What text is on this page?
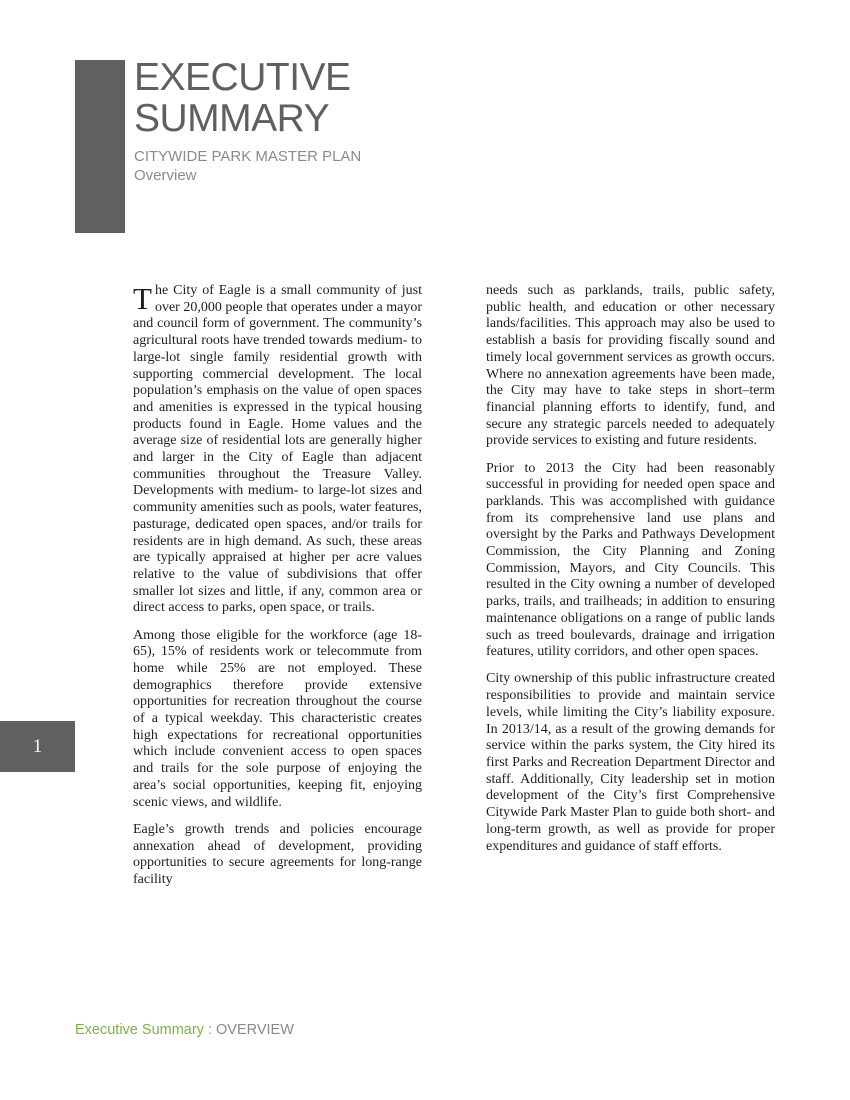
EXECUTIVE
SUMMARY
CITYWIDE PARK MASTER PLAN
Overview

The City of Eagle is a small community of just over 20,000 people that operates under a mayor and council form of government. The community’s agricultural roots have trended towards medium- to large-lot single family residential growth with supporting commercial development. The local population’s emphasis on the value of open spaces and amenities is expressed in the typical housing products found in Eagle. Home values and the average size of residential lots are generally higher and larger in the City of Eagle than adjacent communities throughout the Treasure Valley. Developments with medium- to large-lot sizes and community amenities such as pools, water features, pasturage, dedicated open spaces, and/or trails for residents are in high demand. As such, these areas are typically appraised at higher per acre values relative to the value of subdivisions that offer smaller lot sizes and little, if any, common area or direct access to parks, open space, or trails.

Among those eligible for the workforce (age 18-65), 15% of residents work or telecommute from home while 25% are not employed. These demographics therefore provide extensive opportunities for recreation throughout the course of a typical weekday. This characteristic creates high expectations for recreational opportunities which include convenient access to open spaces and trails for the sole purpose of enjoying the area’s social opportunities, keeping fit, enjoying scenic views, and wildlife.

Eagle’s growth trends and policies encourage annexation ahead of development, providing opportunities to secure agreements for long-range facility

needs such as parklands, trails, public safety, public health, and education or other necessary lands/facilities. This approach may also be used to establish a basis for providing fiscally sound and timely local government services as growth occurs. Where no annexation agreements have been made, the City may have to take steps in short–term financial planning efforts to identify, fund, and secure any strategic parcels needed to adequately provide services to existing and future residents.

Prior to 2013 the City had been reasonably successful in providing for needed open space and parklands. This was accomplished with guidance from its comprehensive land use plans and oversight by the Parks and Pathways Development Commission, the City Planning and Zoning Commission, Mayors, and City Councils. This resulted in the City owning a number of developed parks, trails, and trailheads; in addition to ensuring maintenance obligations on a range of public lands such as treed boulevards, drainage and irrigation features, utility corridors, and other open spaces.

City ownership of this public infrastructure created responsibilities to provide and maintain service levels, while limiting the City’s liability exposure. In 2013/14, as a result of the growing demands for service within the parks system, the City hired its first Parks and Recreation Department Director and staff. Additionally, City leadership set in motion development of the City’s first Comprehensive Citywide Park Master Plan to guide both short- and long-term growth, as well as provide for proper expenditures and guidance of staff efforts.

1
Executive Summary : OVERVIEW
